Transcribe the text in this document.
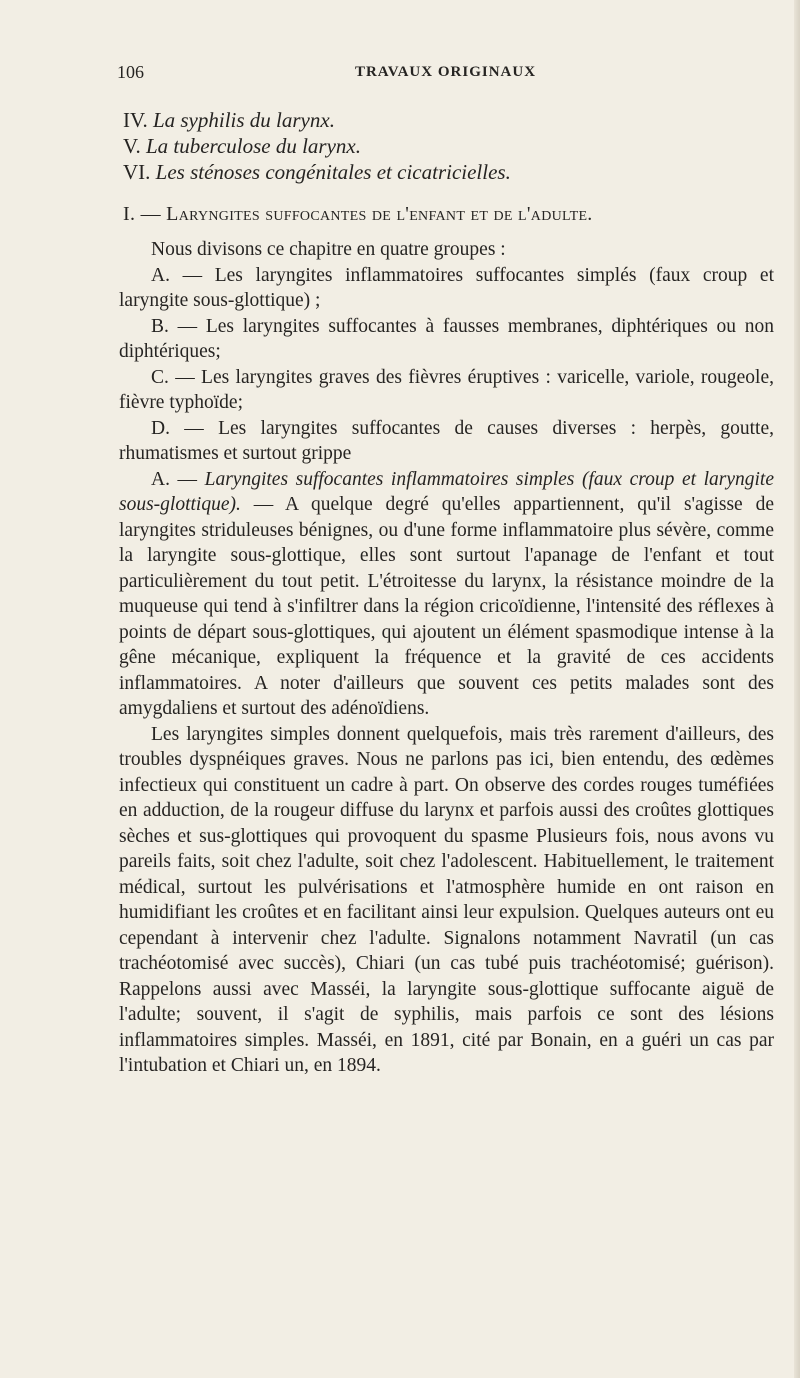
106	TRAVAUX ORIGINAUX
IV. La syphilis du larynx.
V. La tuberculose du larynx.
VI. Les sténoses congénitales et cicatricielles.
I. — Laryngites suffocantes de l'enfant et de l'adulte.
Nous divisons ce chapitre en quatre groupes :
A. — Les laryngites inflammatoires suffocantes simplés (faux croup et laryngite sous-glottique) ;
B. — Les laryngites suffocantes à fausses membranes, diphtériques ou non diphtériques;
C. — Les laryngites graves des fièvres éruptives : varicelle, variole, rougeole, fièvre typhoïde;
D. — Les laryngites suffocantes de causes diverses : herpès, goutte, rhumatismes et surtout grippe
A. — Laryngites suffocantes inflammatoires simples (faux croup et laryngite sous-glottique). — A quelque degré qu'elles appartiennent, qu'il s'agisse de laryngites striduleuses bénignes, ou d'une forme inflammatoire plus sévère, comme la laryngite sous-glottique, elles sont surtout l'apanage de l'enfant et tout particulièrement du tout petit. L'étroitesse du larynx, la résistance moindre de la muqueuse qui tend à s'infiltrer dans la région cricoïdienne, l'intensité des réflexes à points de départ sous-glottiques, qui ajoutent un élément spasmodique intense à la gêne mécanique, expliquent la fréquence et la gravité de ces accidents inflammatoires. A noter d'ailleurs que souvent ces petits malades sont des amygdaliens et surtout des adénoïdiens.
Les laryngites simples donnent quelquefois, mais très rarement d'ailleurs, des troubles dyspnéiques graves. Nous ne parlons pas ici, bien entendu, des œdèmes infectieux qui constituent un cadre à part. On observe des cordes rouges tuméfiées en adduction, de la rougeur diffuse du larynx et parfois aussi des croûtes glottiques sèches et sus-glottiques qui provoquent du spasme Plusieurs fois, nous avons vu pareils faits, soit chez l'adulte, soit chez l'adolescent. Habituellement, le traitement médical, surtout les pulvérisations et l'atmosphère humide en ont raison en humidifiant les croûtes et en facilitant ainsi leur expulsion. Quelques auteurs ont eu cependant à intervenir chez l'adulte. Signalons notamment Navratil (un cas trachéotomisé avec succès), Chiari (un cas tubé puis trachéotomisé; guérison). Rappelons aussi avec Masséi, la laryngite sous-glottique suffocante aiguë de l'adulte; souvent, il s'agit de syphilis, mais parfois ce sont des lésions inflammatoires simples. Masséi, en 1891, cité par Bonain, en a guéri un cas par l'intubation et Chiari un, en 1894.
